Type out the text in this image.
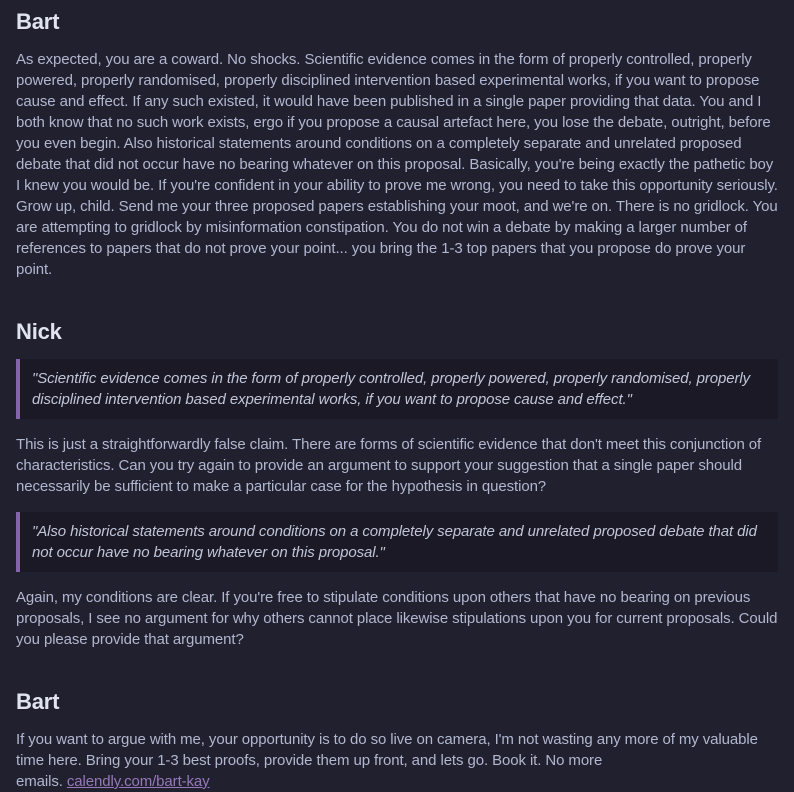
Bart

As expected, you are a coward. No shocks. Scientific evidence comes in the form of properly controlled, properly powered, properly randomised, properly disciplined intervention based experimental works, if you want to propose cause and effect. If any such existed, it would have been published in a single paper providing that data. You and I both know that no such work exists, ergo if you propose a causal artefact here, you lose the debate, outright, before you even begin. Also historical statements around conditions on a completely separate and unrelated proposed debate that did not occur have no bearing whatever on this proposal. Basically, you're being exactly the pathetic boy I knew you would be. If you're confident in your ability to prove me wrong, you need to take this opportunity seriously. Grow up, child. Send me your three proposed papers establishing your moot, and we're on. There is no gridlock. You are attempting to gridlock by misinformation constipation. You do not win a debate by making a larger number of references to papers that do not prove your point... you bring the 1-3 top papers that you propose do prove your point.

Nick
"Scientific evidence comes in the form of properly controlled, properly powered, properly randomised, properly disciplined intervention based experimental works, if you want to propose cause and effect."

This is just a straightforwardly false claim. There are forms of scientific evidence that don't meet this conjunction of characteristics. Can you try again to provide an argument to support your suggestion that a single paper should necessarily be sufficient to make a particular case for the hypothesis in question?

"Also historical statements around conditions on a completely separate and unrelated proposed debate that did not occur have no bearing whatever on this proposal."

Again, my conditions are clear. If you're free to stipulate conditions upon others that have no bearing on previous proposals, I see no argument for why others cannot place likewise stipulations upon you for current proposals. Could you please provide that argument?

Bart

If you want to argue with me, your opportunity is to do so live on camera, I'm not wasting any more of my valuable time here. Bring your 1-3 best proofs, provide them up front, and lets go. Book it. No more
emails. calendly.com/bart-kay
